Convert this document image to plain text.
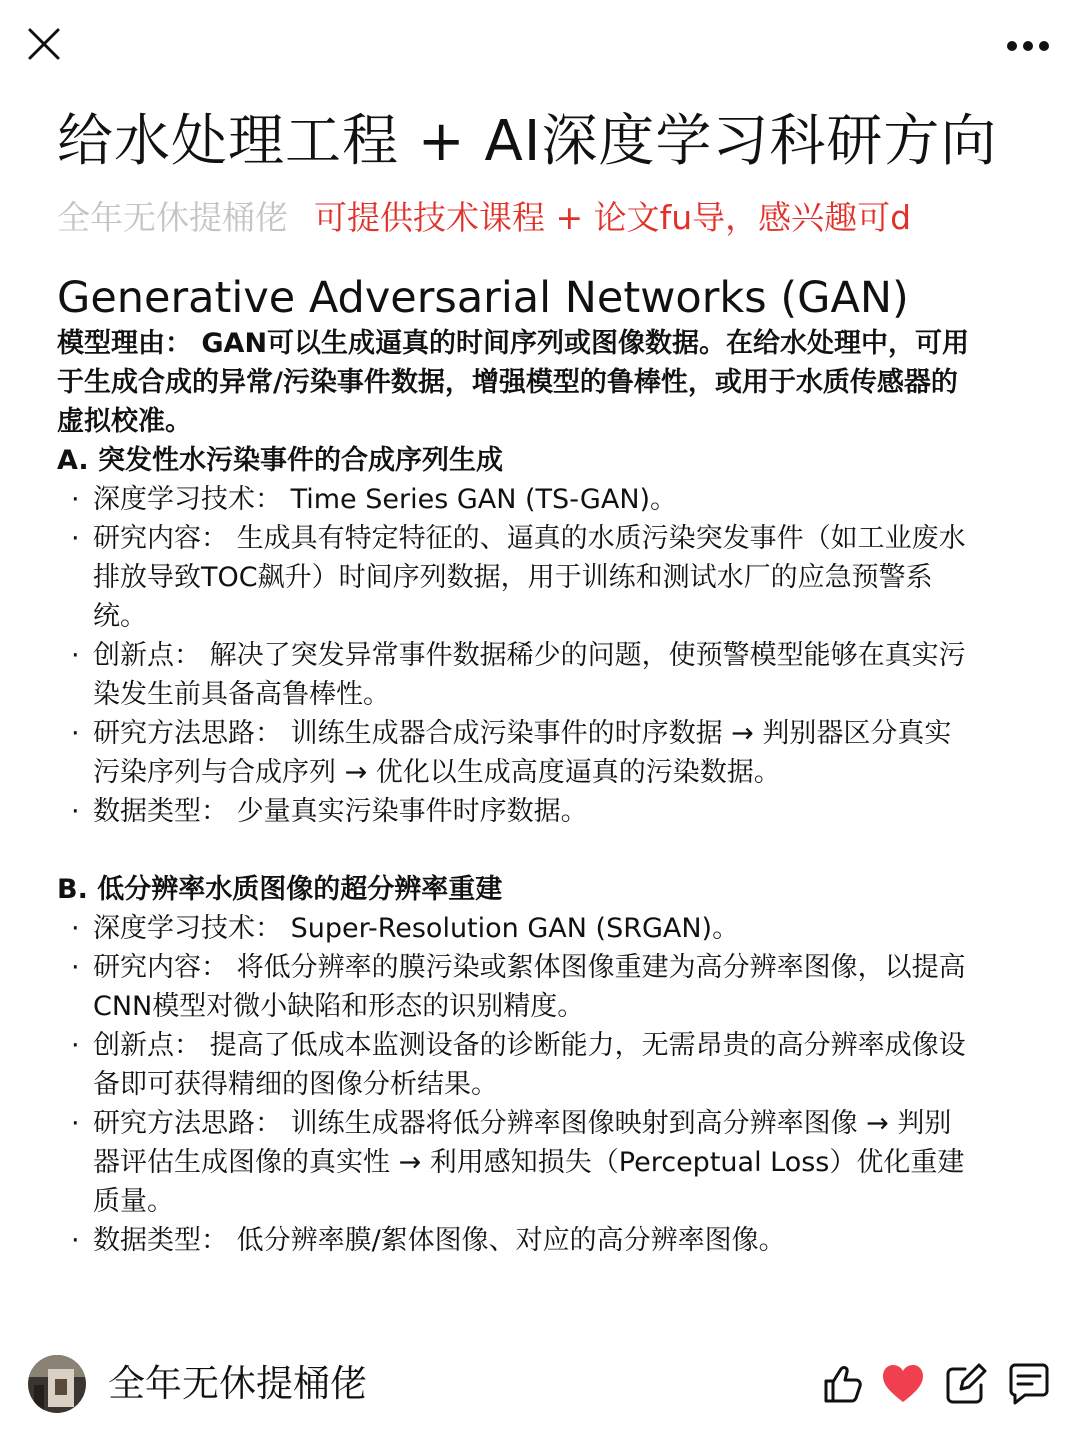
给水处理工程 + AI深度学习科研方向
全年无休提桶佬 可提供技术课程 + 论文fu导，感兴趣可d
Generative Adversarial Networks (GAN)
模型理由： GAN可以生成逼真的时间序列或图像数据。在给水处理中，可用于生成合成的异常/污染事件数据，增强模型的鲁棒性，或用于水质传感器的虚拟校准。
A. 突发性水污染事件的合成序列生成
· 深度学习技术： Time Series GAN (TS-GAN)。
· 研究内容： 生成具有特定特征的、逼真的水质污染突发事件（如工业废水排放导致TOC飙升）时间序列数据，用于训练和测试水厂的应急预警系统。
· 创新点： 解决了突发异常事件数据稀少的问题，使预警模型能够在真实污染发生前具备高鲁棒性。
· 研究方法思路： 训练生成器合成污染事件的时序数据 → 判别器区分真实污染序列与合成序列 → 优化以生成高度逼真的污染数据。
· 数据类型： 少量真实污染事件时序数据。
B. 低分辨率水质图像的超分辨率重建
· 深度学习技术： Super-Resolution GAN (SRGAN)。
· 研究内容： 将低分辨率的膜污染或絮体图像重建为高分辨率图像，以提高CNN模型对微小缺陷和形态的识别精度。
· 创新点： 提高了低成本监测设备的诊断能力，无需昂贵的高分辨率成像设备即可获得精细的图像分析结果。
· 研究方法思路： 训练生成器将低分辨率图像映射到高分辨率图像 → 判别器评估生成图像的真实性 → 利用感知损失（Perceptual Loss）优化重建质量。
· 数据类型： 低分辨率膜/絮体图像、对应的高分辨率图像。
全年无休提桶佬
